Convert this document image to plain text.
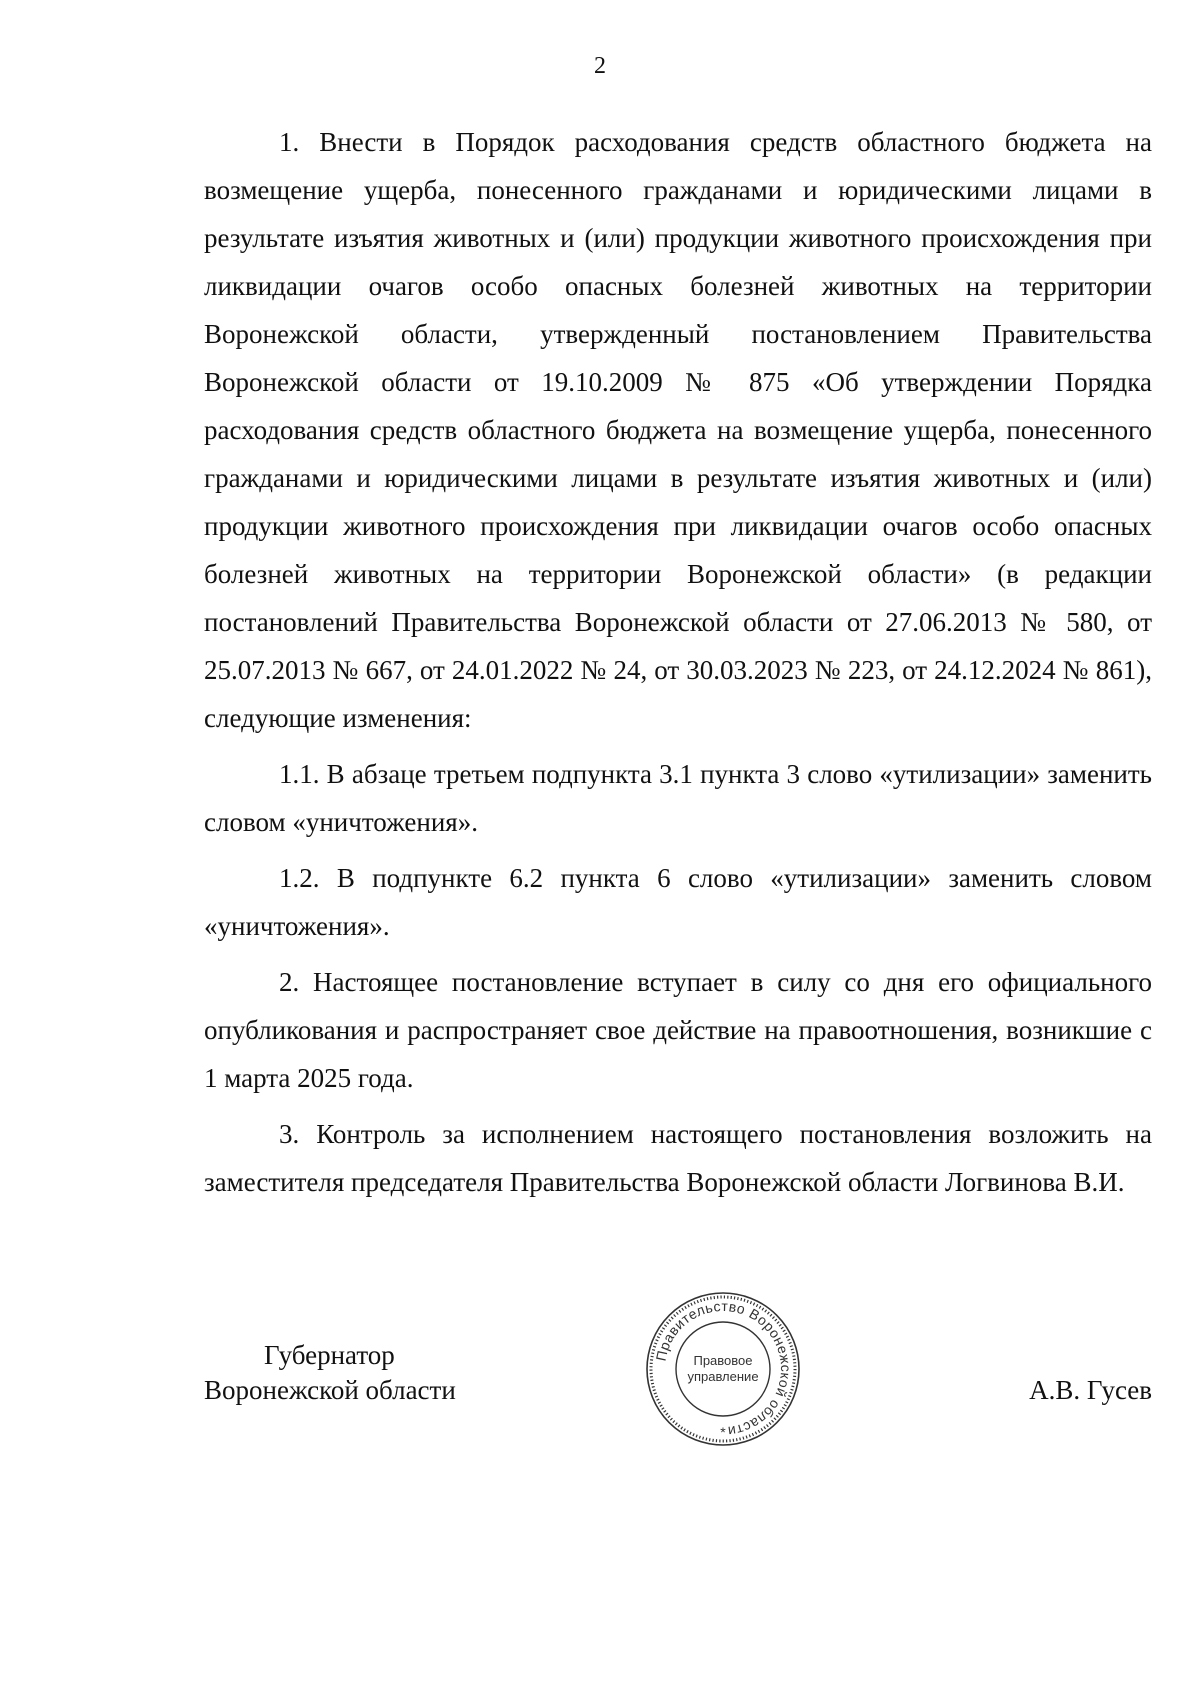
2

1. Внести в Порядок расходования средств областного бюджета на возмещение ущерба, понесенного гражданами и юридическими лицами в результате изъятия животных и (или) продукции животного происхождения при ликвидации очагов особо опасных болезней животных на территории Воронежской области, утвержденный постановлением Правительства Воронежской области от 19.10.2009 № 875 «Об утверждении Порядка расходования средств областного бюджета на возмещение ущерба, понесенного гражданами и юридическими лицами в результате изъятия животных и (или) продукции животного происхождения при ликвидации очагов особо опасных болезней животных на территории Воронежской области» (в редакции постановлений Правительства Воронежской области от 27.06.2013 № 580, от 25.07.2013 № 667, от 24.01.2022 № 24, от 30.03.2023 № 223, от 24.12.2024 № 861), следующие изменения:

1.1. В абзаце третьем подпункта 3.1 пункта 3 слово «утилизации» заменить словом «уничтожения».

1.2. В подпункте 6.2 пункта 6 слово «утилизации» заменить словом «уничтожения».

2. Настоящее постановление вступает в силу со дня его официального опубликования и распространяет свое действие на правоотношения, возникшие с 1 марта 2025 года.

3. Контроль за исполнением настоящего постановления возложить на заместителя председателя Правительства Воронежской области Логвинова В.И.

Губернатор
Воронежской области	А.В. Гусев
Правительство Воронежской области
Правовое
управление
*
